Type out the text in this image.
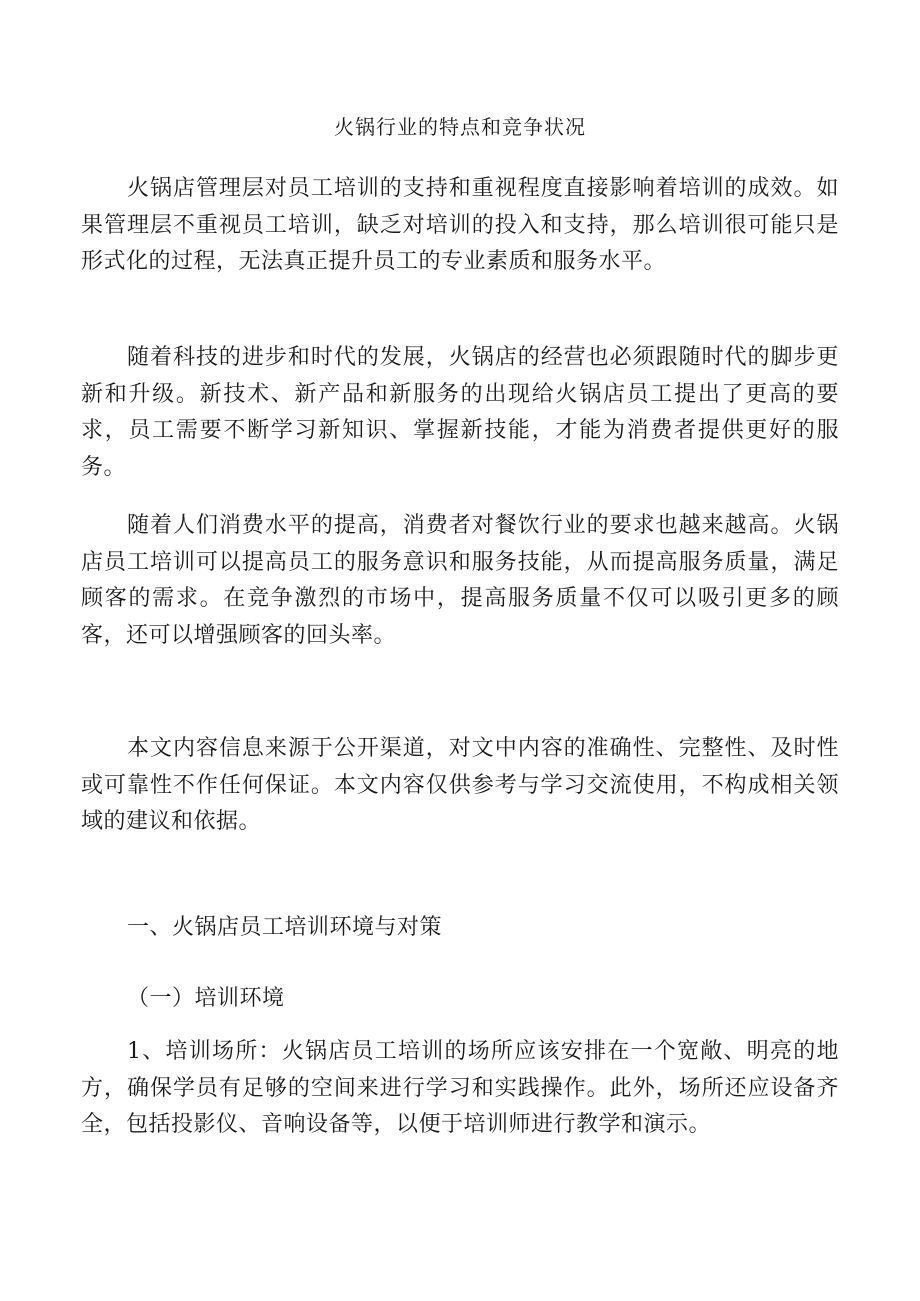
火锅行业的特点和竞争状况

火锅店管理层对员工培训的支持和重视程度直接影响着培训的成效。如果管理层不重视员工培训，缺乏对培训的投入和支持，那么培训很可能只是形式化的过程，无法真正提升员工的专业素质和服务水平。

随着科技的进步和时代的发展，火锅店的经营也必须跟随时代的脚步更新和升级。新技术、新产品和新服务的出现给火锅店员工提出了更高的要求，员工需要不断学习新知识、掌握新技能，才能为消费者提供更好的服务。

随着人们消费水平的提高，消费者对餐饮行业的要求也越来越高。火锅店员工培训可以提高员工的服务意识和服务技能，从而提高服务质量，满足顾客的需求。在竞争激烈的市场中，提高服务质量不仅可以吸引更多的顾客，还可以增强顾客的回头率。

本文内容信息来源于公开渠道，对文中内容的准确性、完整性、及时性或可靠性不作任何保证。本文内容仅供参考与学习交流使用，不构成相关领域的建议和依据。

一、火锅店员工培训环境与对策
（一）培训环境

1、培训场所：火锅店员工培训的场所应该安排在一个宽敞、明亮的地方，确保学员有足够的空间来进行学习和实践操作。此外，场所还应设备齐全，包括投影仪、音响设备等，以便于培训师进行教学和演示。
